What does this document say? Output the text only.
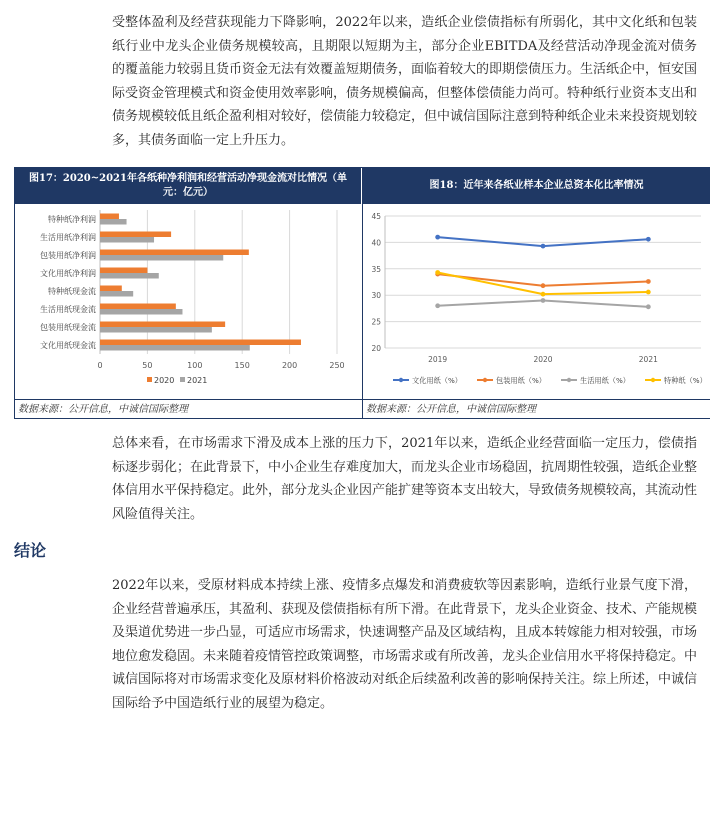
受整体盈利及经营获现能力下降影响，2022年以来，造纸企业偿债指标有所弱化，其中文化纸和包装纸行业中龙头企业债务规模较高，且期限以短期为主，部分企业EBITDA及经营活动净现金流对债务的覆盖能力较弱且货币资金无法有效覆盖短期债务，面临着较大的即期偿债压力。生活纸企中，恒安国际受资金管理模式和资金使用效率影响，债务规模偏高，但整体偿债能力尚可。特种纸行业资本支出和债务规模较低且纸企盈利相对较好，偿债能力较稳定，但中诚信国际注意到特种纸企业未来投资规划较多，其债务面临一定上升压力。

图17：2020~2021年各纸种净利润和经营活动净现金流对比情况（单元：亿元）
图18：近年来各纸业样本企业总资本化比率情况
0	50	100	150	200	250
特种纸净利润
生活用纸净利润
包装用纸净利润
文化用纸净利润
特种纸现金流
生活用纸现金流
包装用纸现金流
文化用纸现金流
2020 2021
45
40
35
30
25
20
2019	2020	2021
文化用纸（%）	包装用纸（%）	生活用纸（%）	特种纸（%）
数据来源：公开信息，中诚信国际整理	数据来源：公开信息，中诚信国际整理

总体来看，在市场需求下滑及成本上涨的压力下，2021年以来，造纸企业经营面临一定压力，偿债指标逐步弱化；在此背景下，中小企业生存难度加大，而龙头企业市场稳固，抗周期性较强，造纸企业整体信用水平保持稳定。此外，部分龙头企业因产能扩建等资本支出较大，导致债务规模较高，其流动性风险值得关注。

结论

2022年以来，受原材料成本持续上涨、疫情多点爆发和消费疲软等因素影响，造纸行业景气度下滑，企业经营普遍承压，其盈利、获现及偿债指标有所下滑。在此背景下，龙头企业资金、技术、产能规模及渠道优势进一步凸显，可适应市场需求，快速调整产品及区域结构，且成本转嫁能力相对较强，市场地位愈发稳固。未来随着疫情管控政策调整，市场需求或有所改善，龙头企业信用水平将保持稳定。中诚信国际将对市场需求变化及原材料价格波动对纸企后续盈利改善的影响保持关注。综上所述，中诚信国际给予中国造纸行业的展望为稳定。
